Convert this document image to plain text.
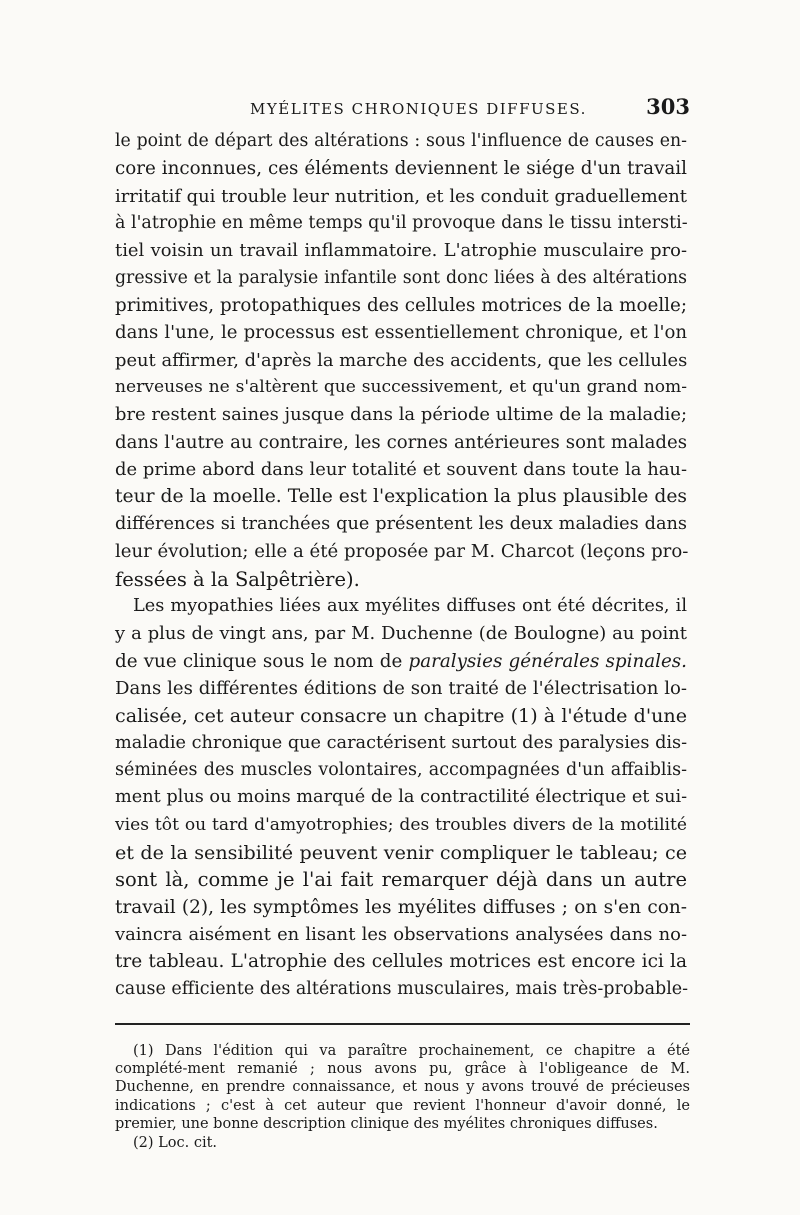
MYÉLITES CHRONIQUES DIFFUSES.	303

le point de départ des altérations : sous l'influence de causes en-
core inconnues, ces éléments deviennent le siége d'un travail
irritatif qui trouble leur nutrition, et les conduit graduellement
à l'atrophie en même temps qu'il provoque dans le tissu intersti-
tiel voisin un travail inflammatoire. L'atrophie musculaire pro-
gressive et la paralysie infantile sont donc liées à des altérations
primitives, protopathiques des cellules motrices de la moelle;
dans l'une, le processus est essentiellement chronique, et l'on
peut affirmer, d'après la marche des accidents, que les cellules
nerveuses ne s'altèrent que successivement, et qu'un grand nom-
bre restent saines jusque dans la période ultime de la maladie;
dans l'autre au contraire, les cornes antérieures sont malades
de prime abord dans leur totalité et souvent dans toute la hau-
teur de la moelle. Telle est l'explication la plus plausible des
différences si tranchées que présentent les deux maladies dans
leur évolution; elle a été proposée par M. Charcot (leçons pro-
fessées à la Salpêtrière).

Les myopathies liées aux myélites diffuses ont été décrites, il
y a plus de vingt ans, par M. Duchenne (de Boulogne) au point
de vue clinique sous le nom de paralysies générales spinales.
Dans les différentes éditions de son traité de l'électrisation lo-
calisée, cet auteur consacre un chapitre (1) à l'étude d'une
maladie chronique que caractérisent surtout des paralysies dis-
séminées des muscles volontaires, accompagnées d'un affaiblis-
ment plus ou moins marqué de la contractilité électrique et sui-
vies tôt ou tard d'amyotrophies; des troubles divers de la motilité
et de la sensibilité peuvent venir compliquer le tableau; ce
sont là, comme je l'ai fait remarquer déjà dans un autre
travail (2), les symptômes les myélites diffuses ; on s'en con-
vaincra aisément en lisant les observations analysées dans no-
tre tableau. L'atrophie des cellules motrices est encore ici la
cause efficiente des altérations musculaires, mais très-probable-

(1) Dans l'édition qui va paraître prochainement, ce chapitre a été complété-ment remanié ; nous avons pu, grâce à l'obligeance de M. Duchenne, en prendre connaissance, et nous y avons trouvé de précieuses indications ; c'est à cet auteur que revient l'honneur d'avoir donné, le premier, une bonne description clinique des myélites chroniques diffuses.

(2) Loc. cit.
